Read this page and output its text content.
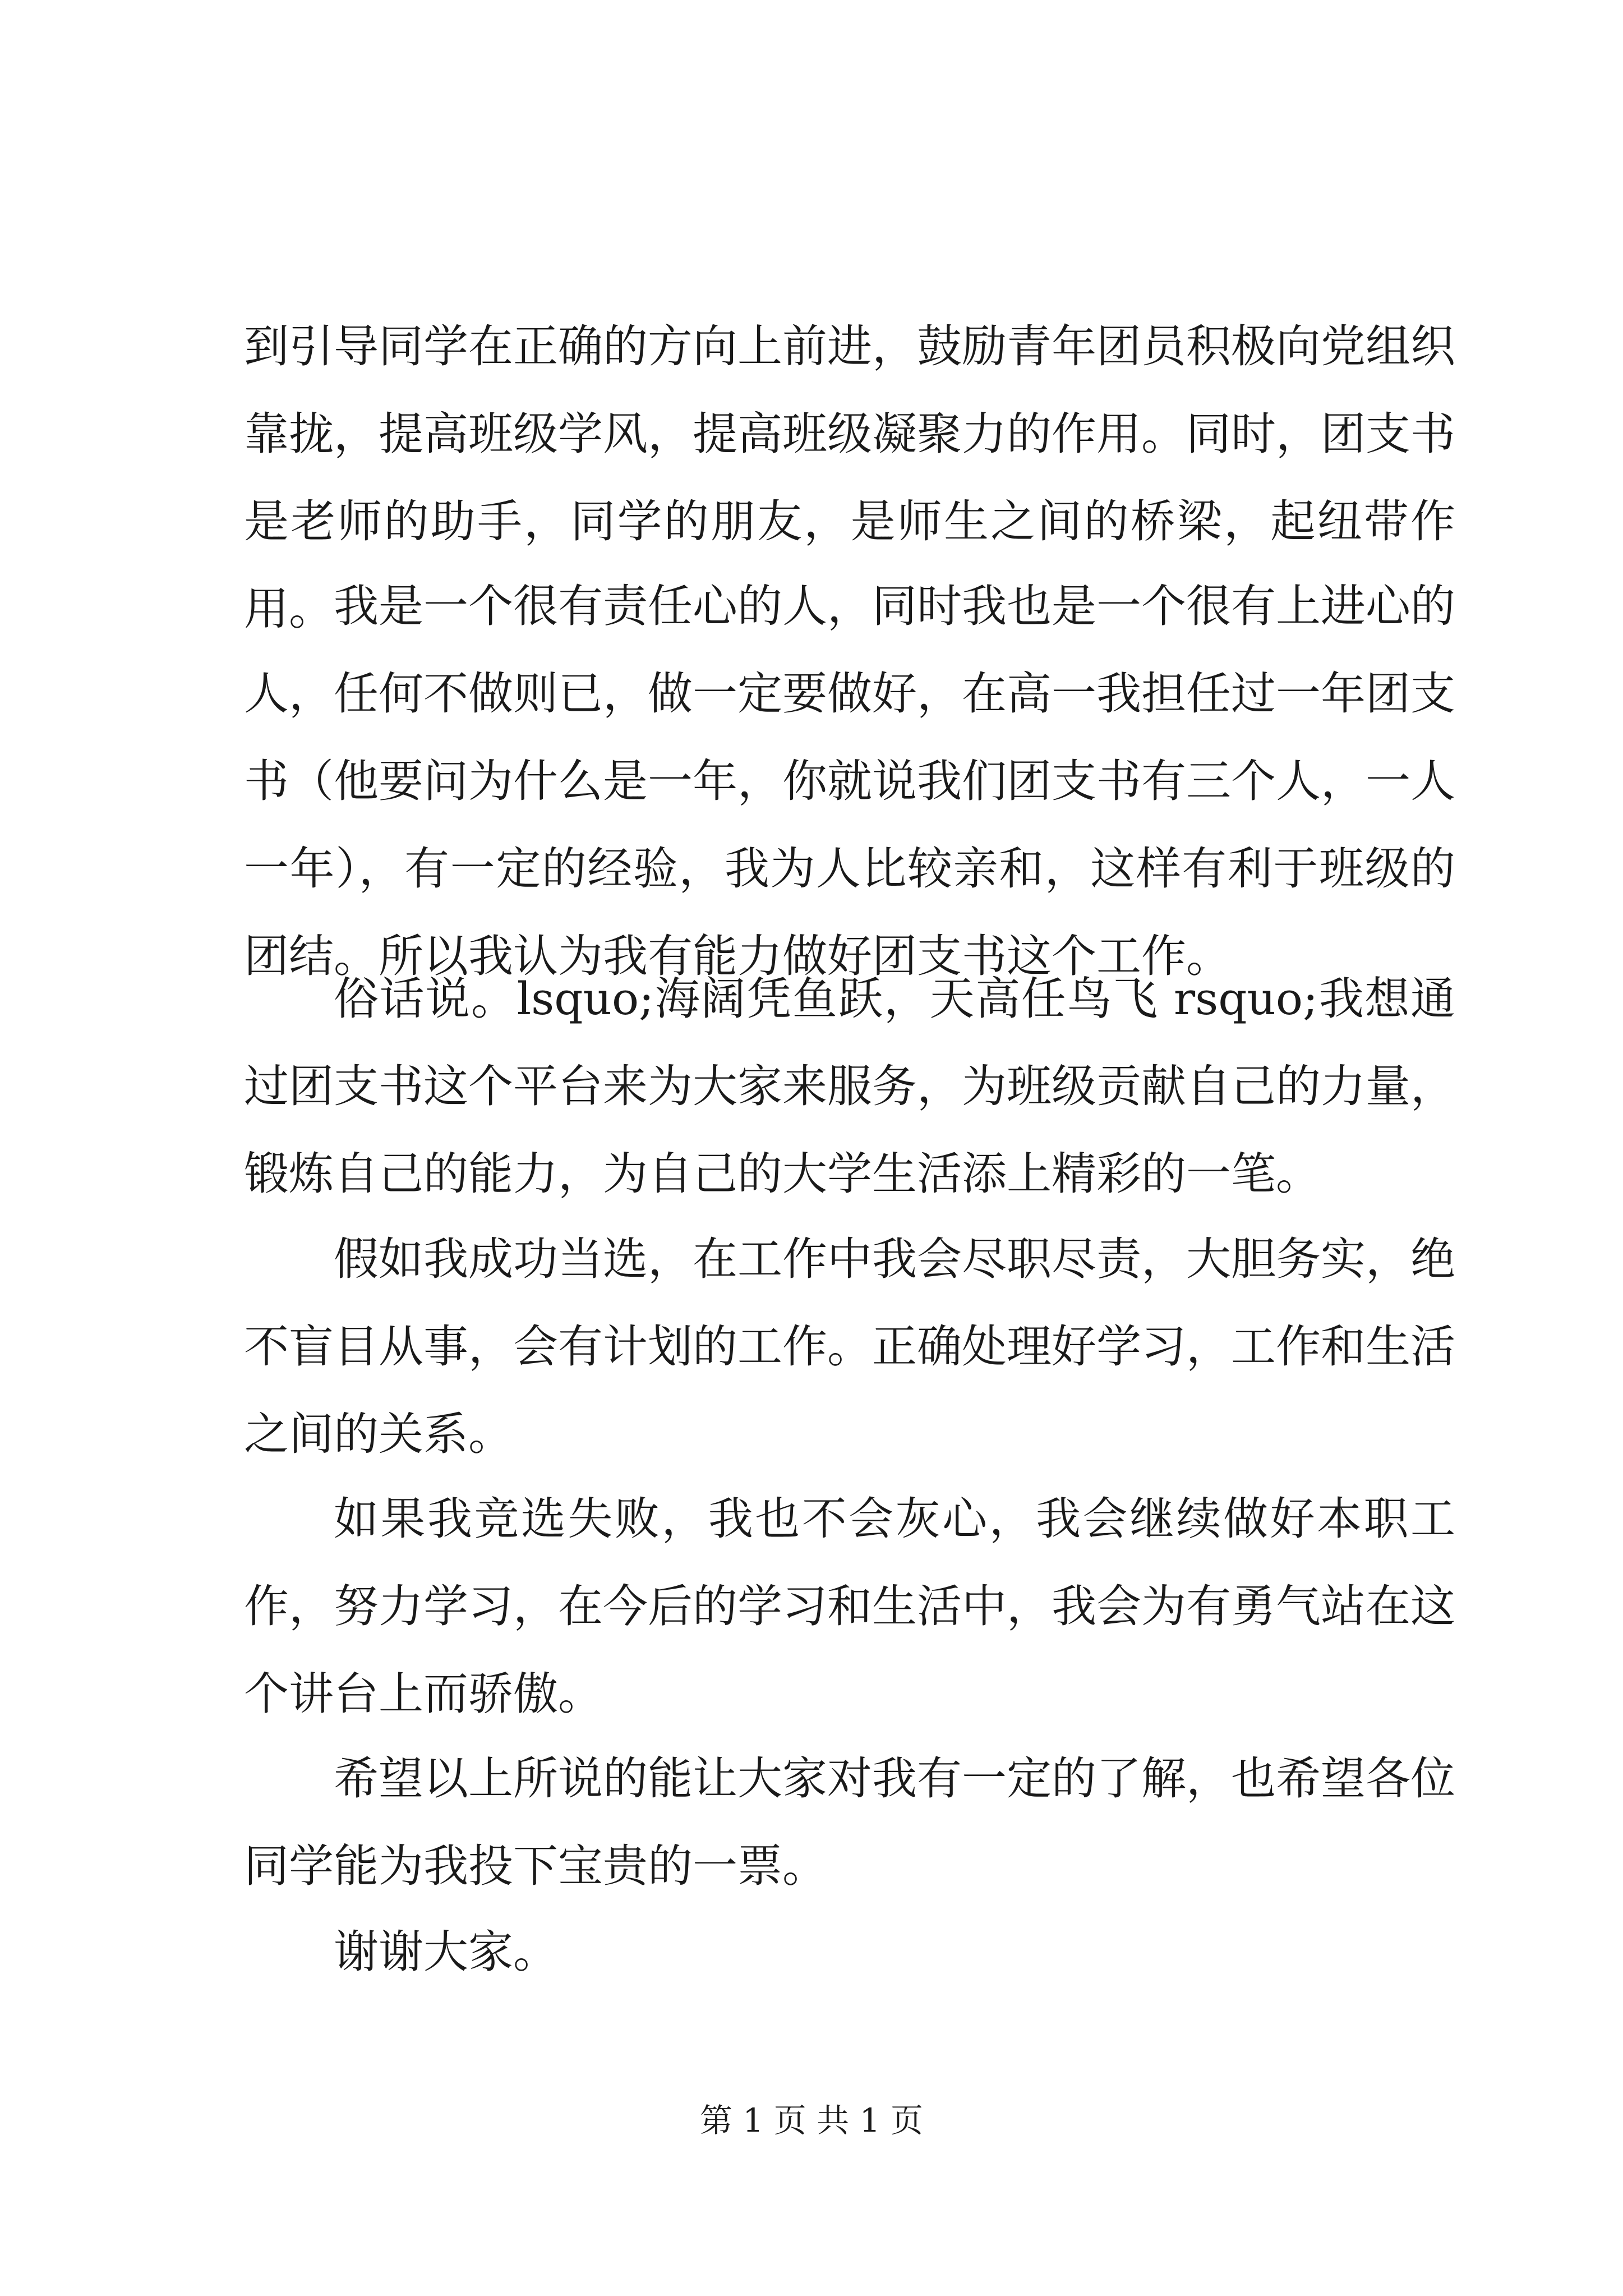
到引导同学在正确的方向上前进，鼓励青年团员积极向党组织靠拢，提高班级学风，提高班级凝聚力的作用。同时，团支书是老师的助手，同学的朋友，是师生之间的桥梁，起纽带作用。 我是一个很有责任心的人，同时我也是一个很有上进心的人，任何不做则已，做一定要做好，在高一我担任过一年团支书（他要问为什么是一年，你就说我们团支书有三个人，一人一年），有一定的经验，我为人比较亲和，这样有利于班级的团结。所以我认为我有能力做好团支书这个工作。

俗话说。lsquo;海阔凭鱼跃，天高任鸟飞 rsquo;我想通过团支书这个平台来为大家来服务，为班级贡献自己的力量，锻炼自己的能力，为自己的大学生活添上精彩的一笔。

假如我成功当选，在工作中我会尽职尽责，大胆务实，绝不盲目从事，会有计划的工作。正确处理好学习，工作和生活之间的关系。

如果我竞选失败，我也不会灰心，我会继续做好本职工作，努力学习，在今后的学习和生活中，我会为有勇气站在这个讲台上而骄傲。

希望以上所说的能让大家对我有一定的了解，也希望各位同学能为我投下宝贵的一票。

谢谢大家。

第 1 页 共 1 页
